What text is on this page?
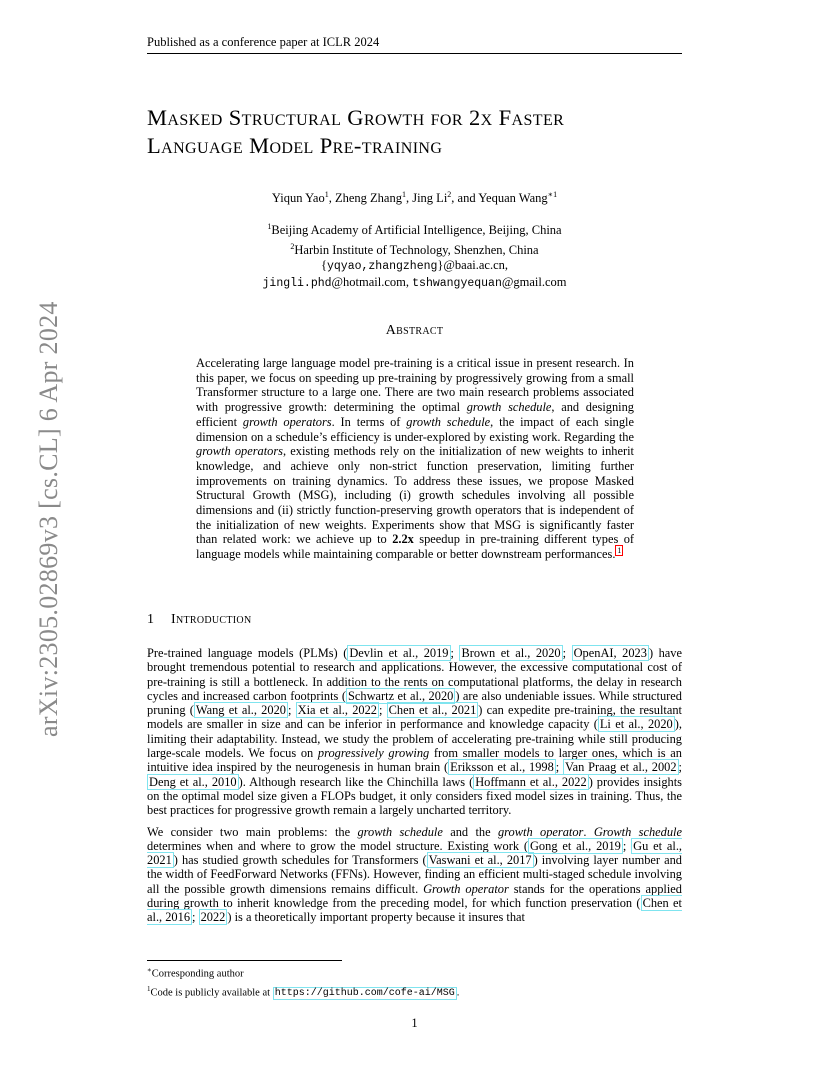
Published as a conference paper at ICLR 2024
arXiv:2305.02869v3 [cs.CL] 6 Apr 2024
Masked Structural Growth for 2x Faster
Language Model Pre-training
Yiqun Yao$^1$, Zheng Zhang$^1$, Jing Li$^2$, and Yequan Wang$^{∗1}$
$^1$Beijing Academy of Artificial Intelligence, Beijing, China
$^2$Harbin Institute of Technology, Shenzhen, China
{yqyao,zhangzheng}@baai.ac.cn,
jingli.phd@hotmail.com, tshwangyequan@gmail.com
Abstract
Accelerating large language model pre-training is a critical issue in present research. In this paper, we focus on speeding up pre-training by progressively growing from a small Transformer structure to a large one. There are two main research problems associated with progressive growth: determining the optimal growth schedule, and designing efficient growth operators. In terms of growth schedule, the impact of each single dimension on a schedule’s efficiency is under-explored by existing work. Regarding the growth operators, existing methods rely on the initialization of new weights to inherit knowledge, and achieve only non-strict function preservation, limiting further improvements on training dynamics. To address these issues, we propose Masked Structural Growth (MSG), including (i) growth schedules involving all possible dimensions and (ii) strictly function-preserving growth operators that is independent of the initialization of new weights. Experiments show that MSG is significantly faster than related work: we achieve up to 2.2x speedup in pre-training different types of language models while maintaining comparable or better downstream performances. $^1$
1 Introduction

Pre-trained language models (PLMs) ( Devlin et al., 2019 ; Brown et al., 2020 ; OpenAI, 2023 ) have brought tremendous potential to research and applications. However, the excessive computational cost of pre-training is still a bottleneck. In addition to the rents on computational platforms, the delay in research cycles and increased carbon footprints ( Schwartz et al., 2020 ) are also undeniable issues. While structured pruning ( Wang et al., 2020 ; Xia et al., 2022 ; Chen et al., 2021 ) can expedite pre-training, the resultant models are smaller in size and can be inferior in performance and knowledge capacity ( Li et al., 2020 ), limiting their adaptability. Instead, we study the problem of accelerating pre-training while still producing large-scale models. We focus on progressively growing from smaller models to larger ones, which is an intuitive idea inspired by the neurogenesis in human brain ( Eriksson et al., 1998 ; Van Praag et al., 2002 ; Deng et al., 2010 ). Although research like the Chinchilla laws ( Hoffmann et al., 2022 ) provides insights on the optimal model size given a FLOPs budget, it only considers fixed model sizes in training. Thus, the best practices for progressive growth remain a largely uncharted territory.

We consider two main problems: the growth schedule and the growth operator. Growth schedule determines when and where to grow the model structure. Existing work ( Gong et al., 2019 ; Gu et al., 2021 ) has studied growth schedules for Transformers ( Vaswani et al., 2017 ) involving layer number and the width of FeedForward Networks (FFNs). However, finding an efficient multi-staged schedule involving all the possible growth dimensions remains difficult. Growth operator stands for the operations applied during growth to inherit knowledge from the preceding model, for which function preservation ( Chen et al., 2016 ; 2022 ) is a theoretically important property because it insures that

∗Corresponding author
$^1$Code is publicly available at https://github.com/cofe-ai/MSG .
1
